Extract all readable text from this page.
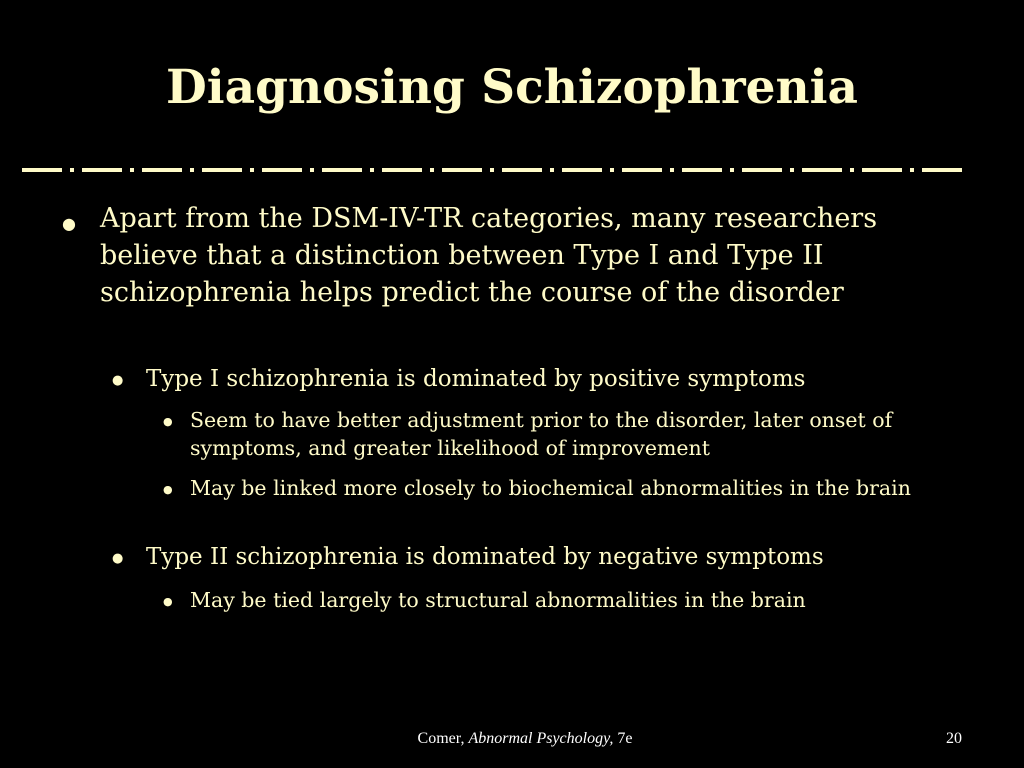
Diagnosing Schizophrenia
● Apart from the DSM-IV-TR categories, many researchers believe that a distinction between Type I and Type II schizophrenia helps predict the course of the disorder
● Type I schizophrenia is dominated by positive symptoms
● Seem to have better adjustment prior to the disorder, later onset of symptoms, and greater likelihood of improvement
● May be linked more closely to biochemical abnormalities in the brain
● Type II schizophrenia is dominated by negative symptoms
● May be tied largely to structural abnormalities in the brain
Comer, Abnormal Psychology, 7e	20
